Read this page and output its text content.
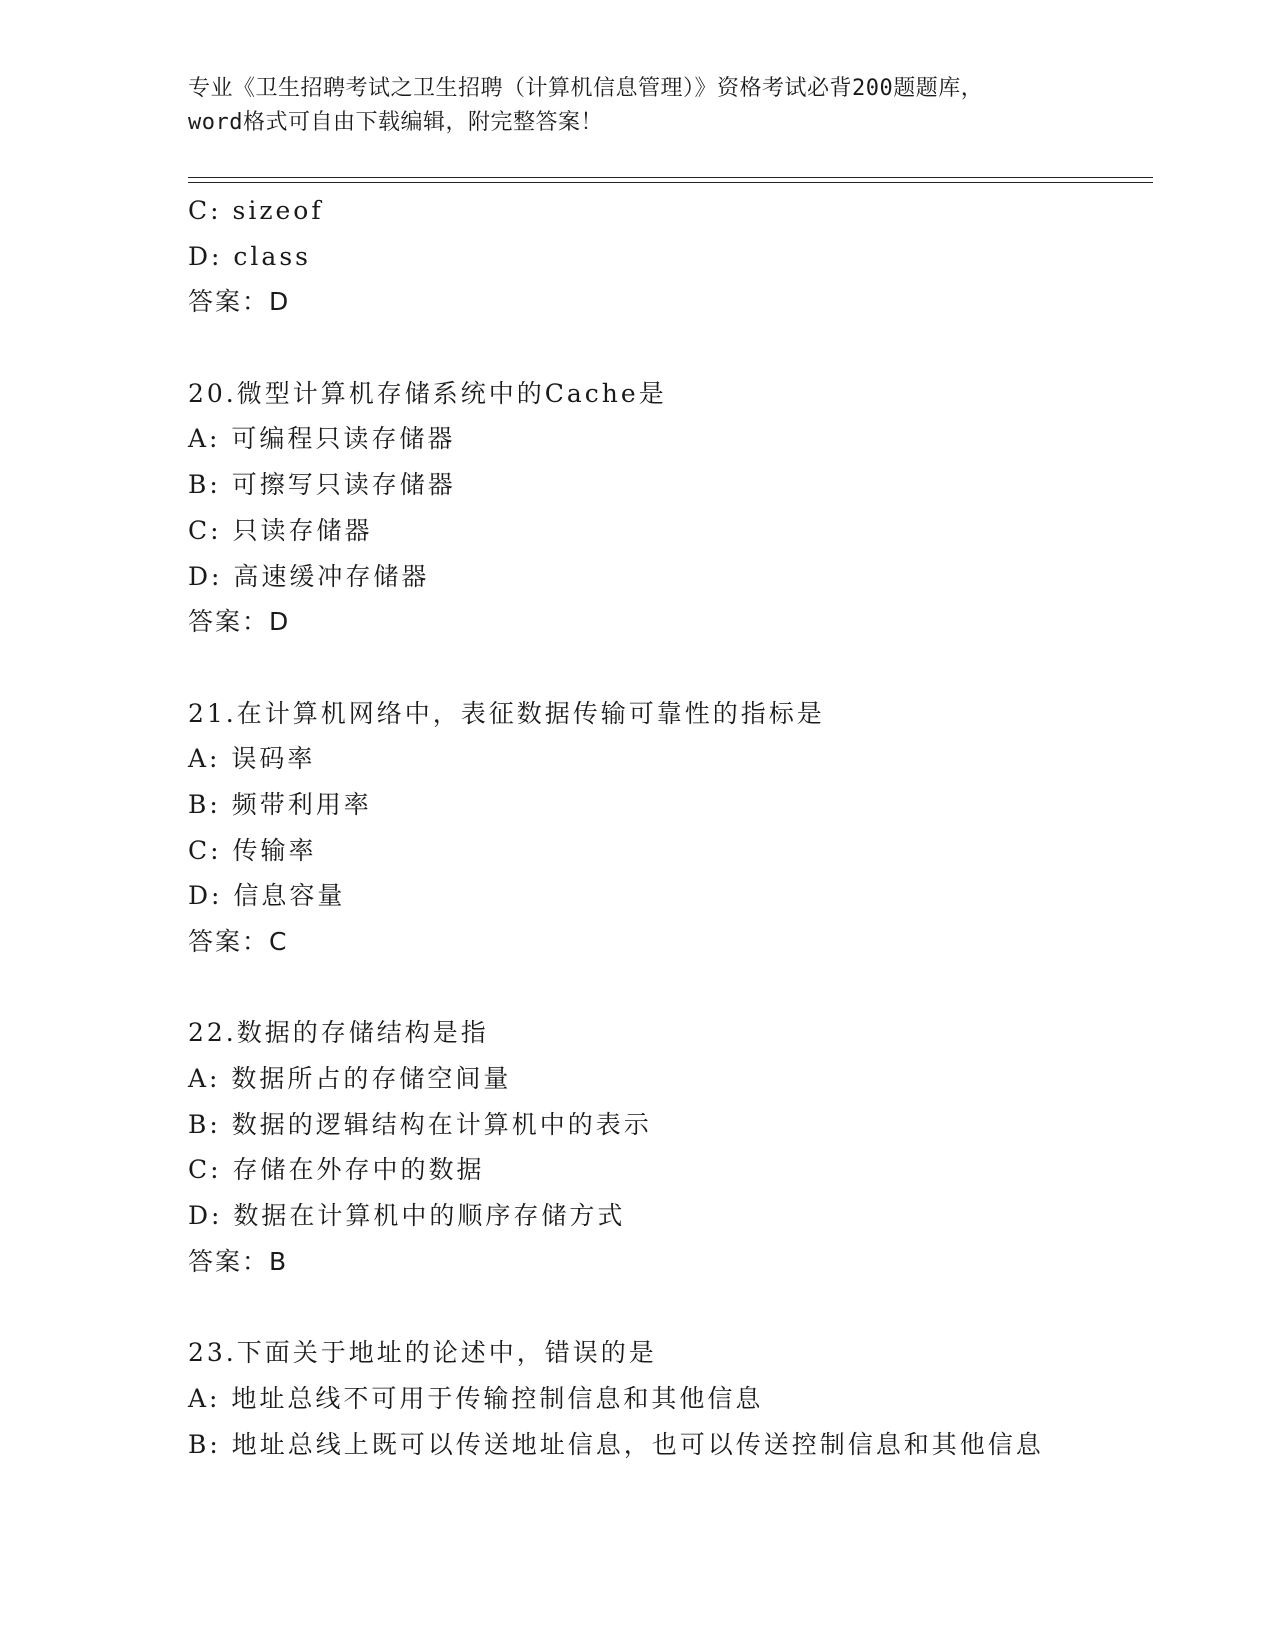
专业《卫生招聘考试之卫生招聘（计算机信息管理）》资格考试必背200题题库，
word格式可自由下载编辑，附完整答案！
C: sizeof
D: class
答案：D
20.微型计算机存储系统中的Cache是
A: 可编程只读存储器
B: 可擦写只读存储器
C: 只读存储器
D: 高速缓冲存储器
答案：D
21.在计算机网络中，表征数据传输可靠性的指标是
A: 误码率
B: 频带利用率
C: 传输率
D: 信息容量
答案：C
22.数据的存储结构是指
A: 数据所占的存储空间量
B: 数据的逻辑结构在计算机中的表示
C: 存储在外存中的数据
D: 数据在计算机中的顺序存储方式
答案：B
23.下面关于地址的论述中，错误的是
A: 地址总线不可用于传输控制信息和其他信息
B: 地址总线上既可以传送地址信息，也可以传送控制信息和其他信息
